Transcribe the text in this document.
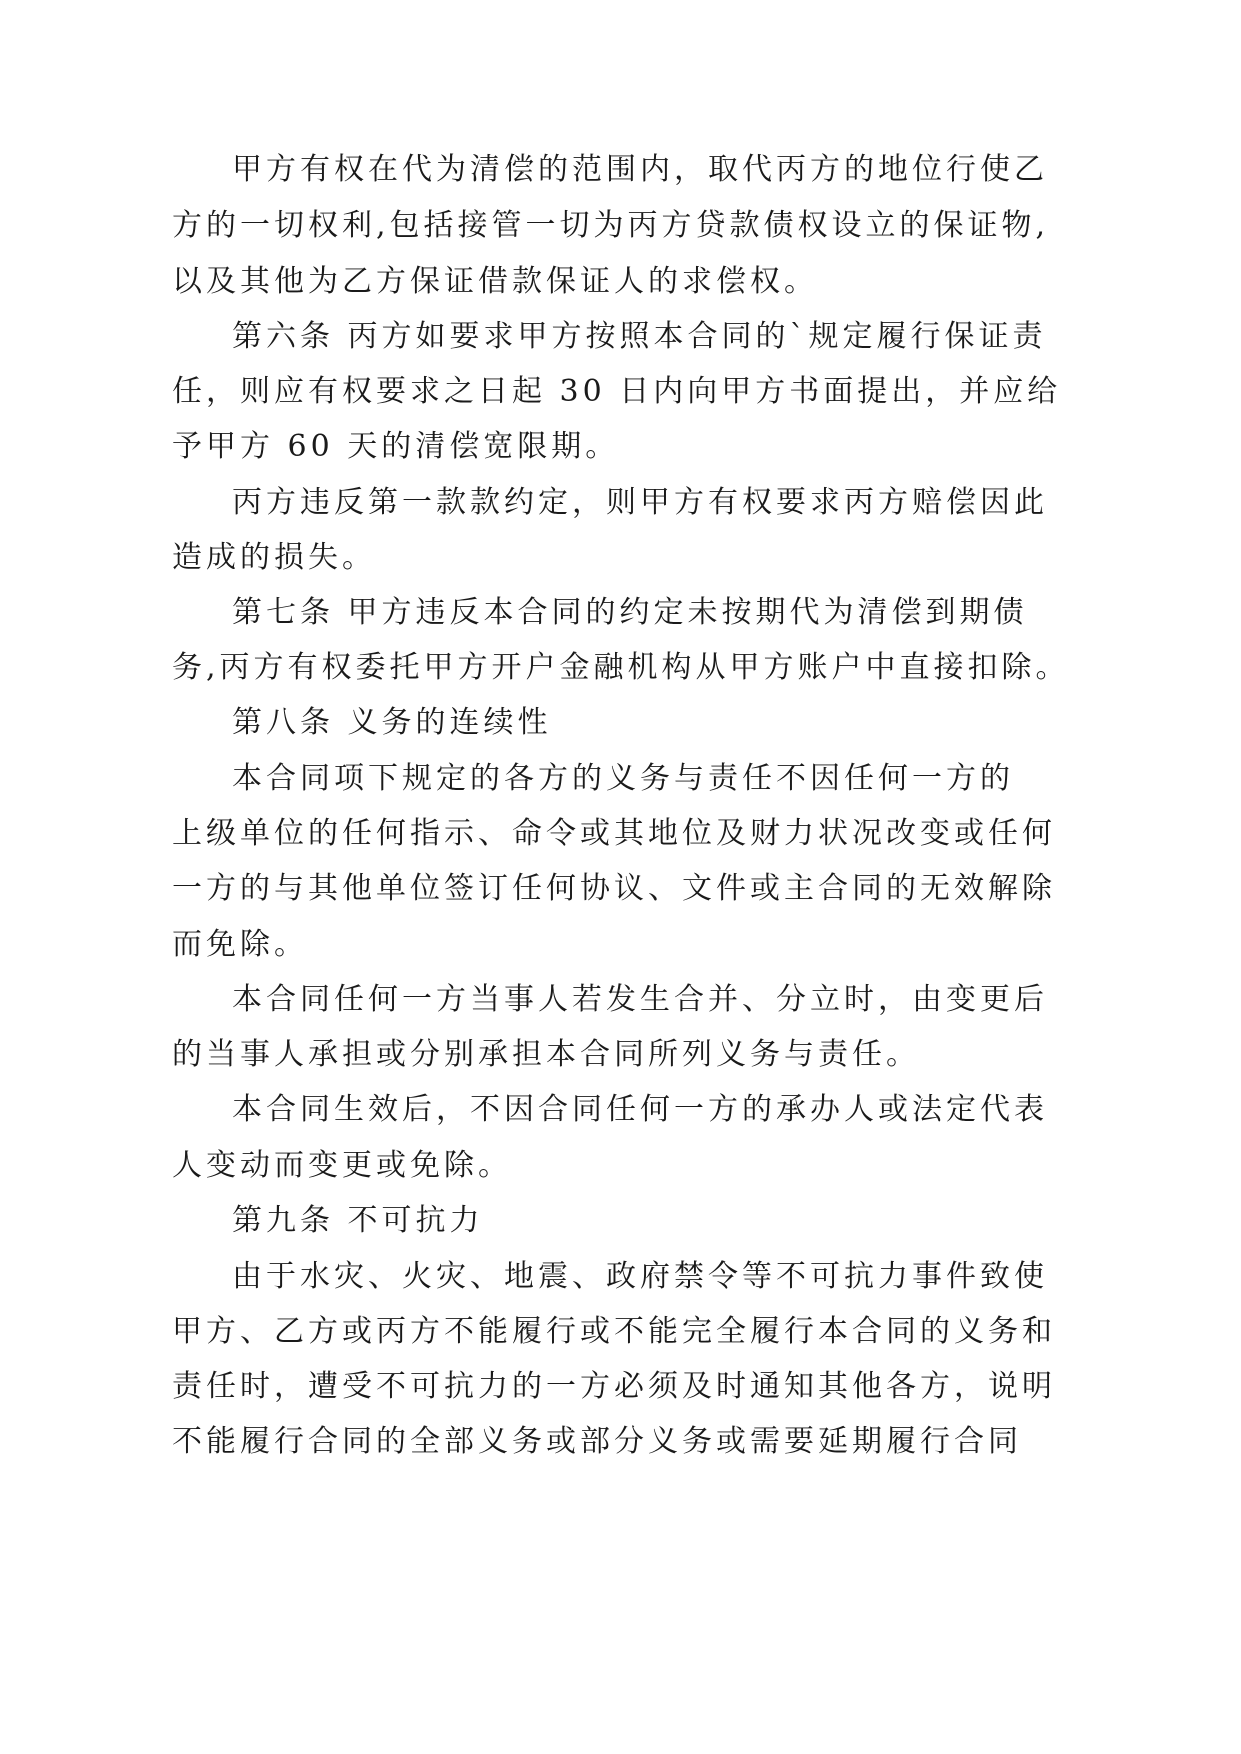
甲方有权在代为清偿的范围内，取代丙方的地位行使乙
方的一切权利,包括接管一切为丙方贷款债权设立的保证物,
以及其他为乙方保证借款保证人的求偿权。
第六条 丙方如要求甲方按照本合同的`规定履行保证责
任，则应有权要求之日起 30 日内向甲方书面提出，并应给
予甲方 60 天的清偿宽限期。
丙方违反第一款款约定，则甲方有权要求丙方赔偿因此
造成的损失。
第七条 甲方违反本合同的约定未按期代为清偿到期债
务,丙方有权委托甲方开户金融机构从甲方账户中直接扣除。
第八条 义务的连续性
本合同项下规定的各方的义务与责任不因任何一方的
上级单位的任何指示、命令或其地位及财力状况改变或任何
一方的与其他单位签订任何协议、文件或主合同的无效解除
而免除。
本合同任何一方当事人若发生合并、分立时，由变更后
的当事人承担或分别承担本合同所列义务与责任。
本合同生效后，不因合同任何一方的承办人或法定代表
人变动而变更或免除。
第九条 不可抗力
由于水灾、火灾、地震、政府禁令等不可抗力事件致使
甲方、乙方或丙方不能履行或不能完全履行本合同的义务和
责任时，遭受不可抗力的一方必须及时通知其他各方，说明
不能履行合同的全部义务或部分义务或需要延期履行合同
